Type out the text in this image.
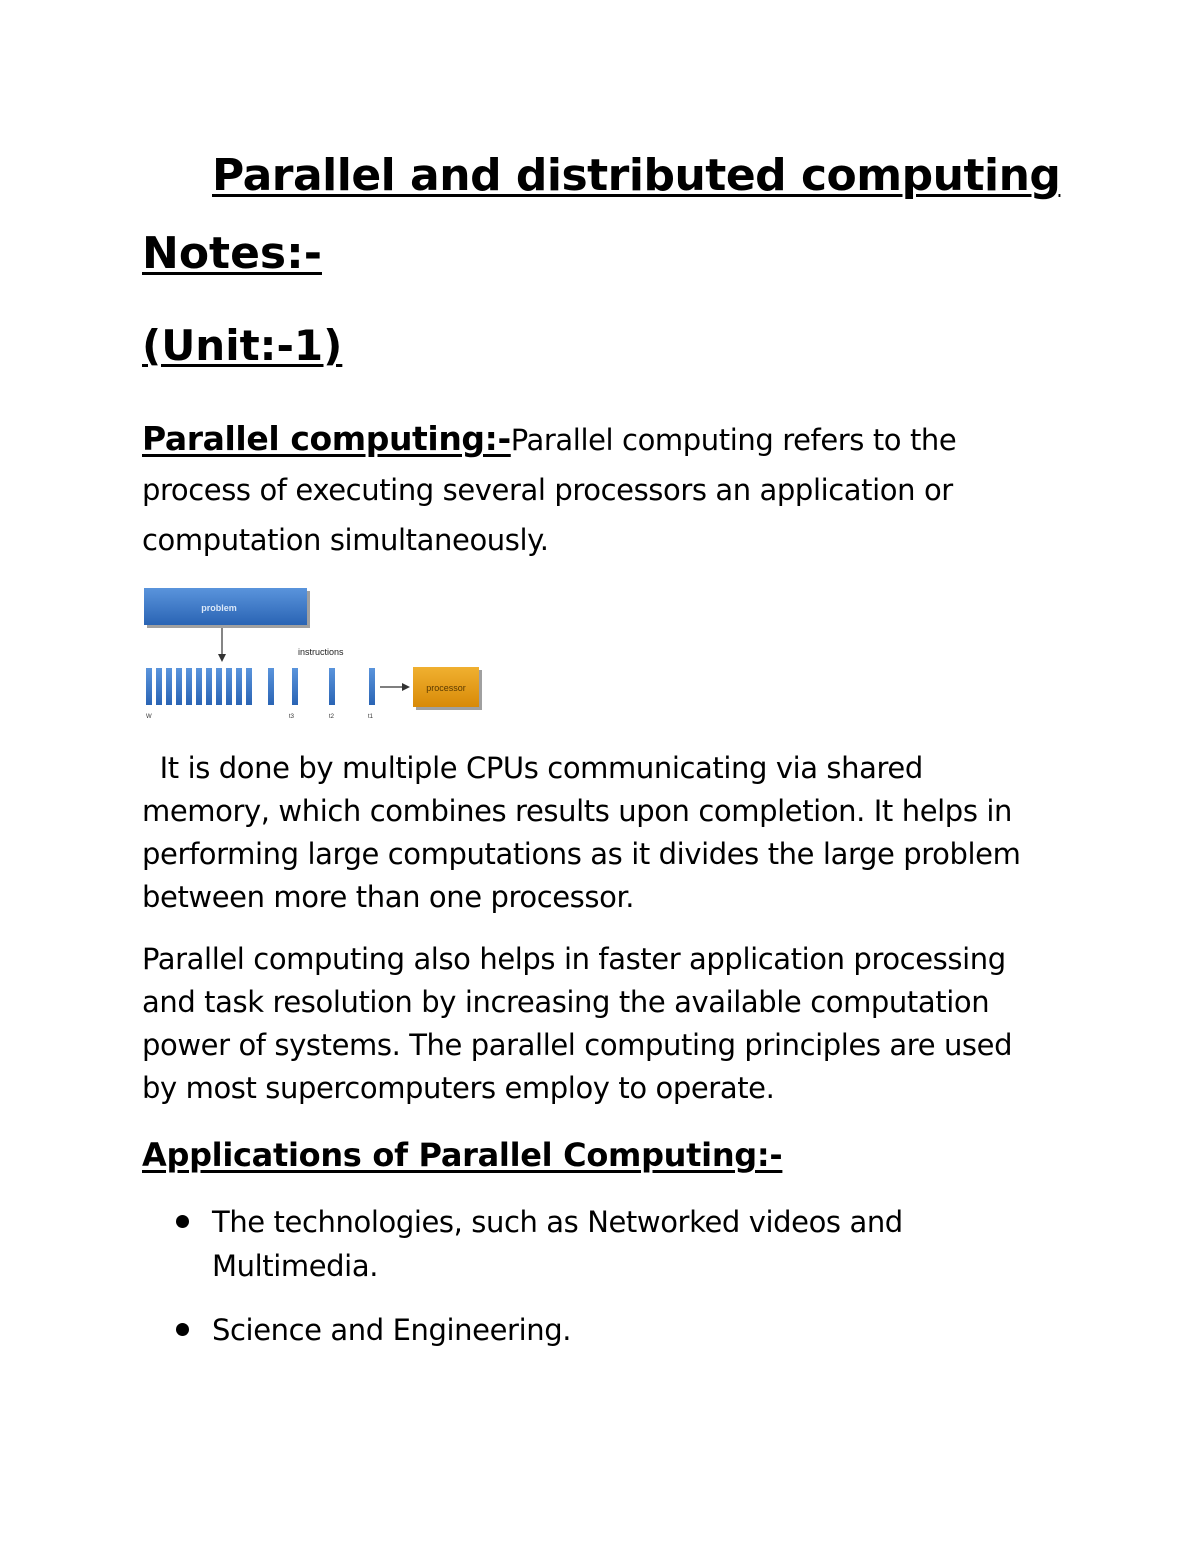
Parallel and distributed computing
Notes:-
(Unit:-1)
Parallel computing:-Parallel computing refers to the
process of executing several processors an application or
computation simultaneously.
problem
instructions
W	t3	t2	t1
processor
It is done by multiple CPUs communicating via shared
memory, which combines results upon completion. It helps in
performing large computations as it divides the large problem
between more than one processor.
Parallel computing also helps in faster application processing
and task resolution by increasing the available computation
power of systems. The parallel computing principles are used
by most supercomputers employ to operate.
Applications of Parallel Computing:-
The technologies, such as Networked videos and Multimedia.
Science and Engineering.
